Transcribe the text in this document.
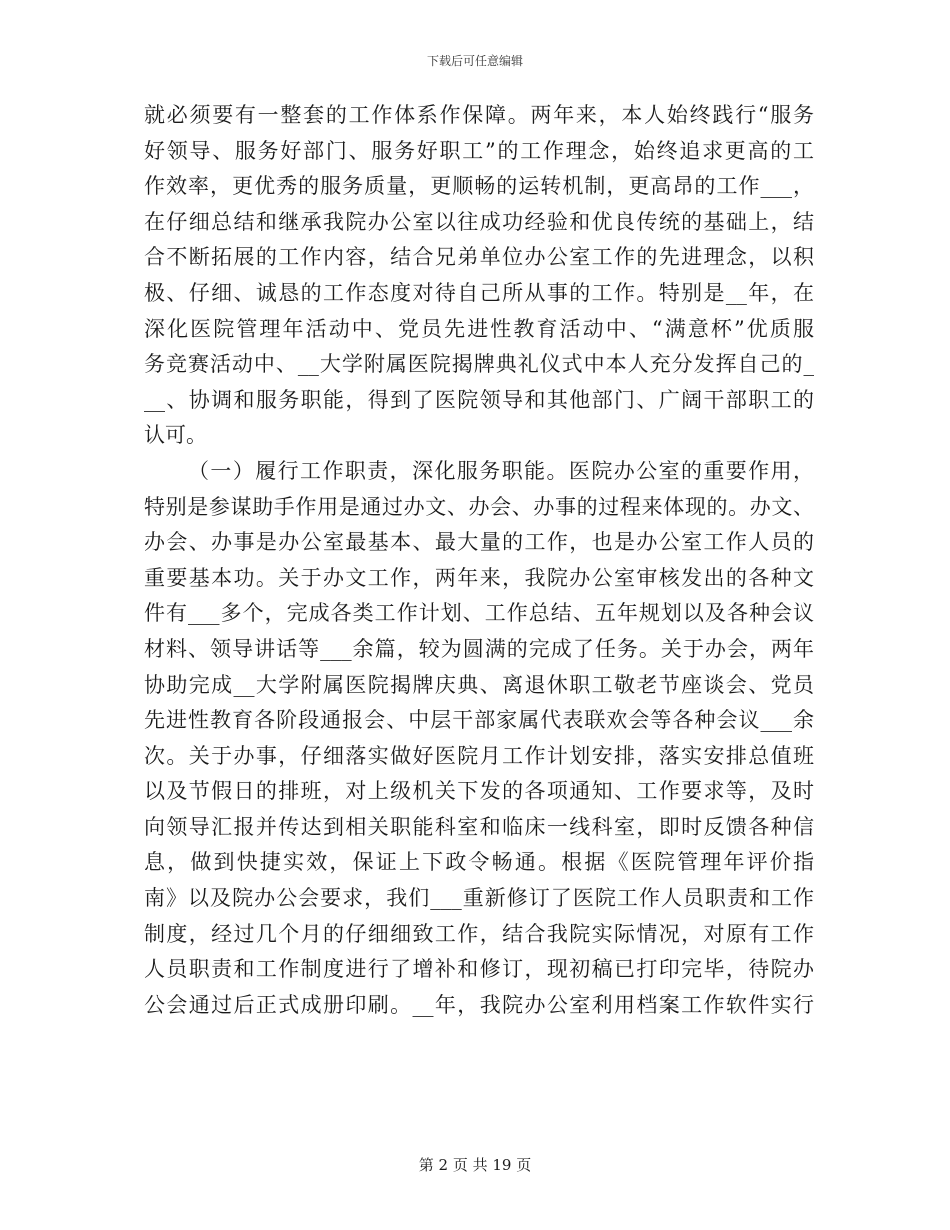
下载后可任意编辑
就必须要有一整套的工作体系作保障。两年来，本人始终践行“服务
好领导、服务好部门、服务好职工”的工作理念，始终追求更高的工
作效率，更优秀的服务质量，更顺畅的运转机制，更高昂的工作___，
在仔细总结和继承我院办公室以往成功经验和优良传统的基础上，结
合不断拓展的工作内容，结合兄弟单位办公室工作的先进理念，以积
极、仔细、诚恳的工作态度对待自己所从事的工作。特别是__年，在
深化医院管理年活动中、党员先进性教育活动中、“满意杯”优质服
务竞赛活动中、__大学附属医院揭牌典礼仪式中本人充分发挥自己的_
__、协调和服务职能，得到了医院领导和其他部门、广阔干部职工的
认可。
（一）履行工作职责，深化服务职能。医院办公室的重要作用，
特别是参谋助手作用是通过办文、办会、办事的过程来体现的。办文、
办会、办事是办公室最基本、最大量的工作，也是办公室工作人员的
重要基本功。关于办文工作，两年来，我院办公室审核发出的各种文
件有___多个，完成各类工作计划、工作总结、五年规划以及各种会议
材料、领导讲话等___余篇，较为圆满的完成了任务。关于办会，两年
协助完成__大学附属医院揭牌庆典、离退休职工敬老节座谈会、党员
先进性教育各阶段通报会、中层干部家属代表联欢会等各种会议___余
次。关于办事，仔细落实做好医院月工作计划安排，落实安排总值班
以及节假日的排班，对上级机关下发的各项通知、工作要求等，及时
向领导汇报并传达到相关职能科室和临床一线科室，即时反馈各种信
息，做到快捷实效，保证上下政令畅通。根据《医院管理年评价指
南》以及院办公会要求，我们___重新修订了医院工作人员职责和工作
制度，经过几个月的仔细细致工作，结合我院实际情况，对原有工作
人员职责和工作制度进行了增补和修订，现初稿已打印完毕，待院办
公会通过后正式成册印刷。__年，我院办公室利用档案工作软件实行
第 2 页 共 19 页
